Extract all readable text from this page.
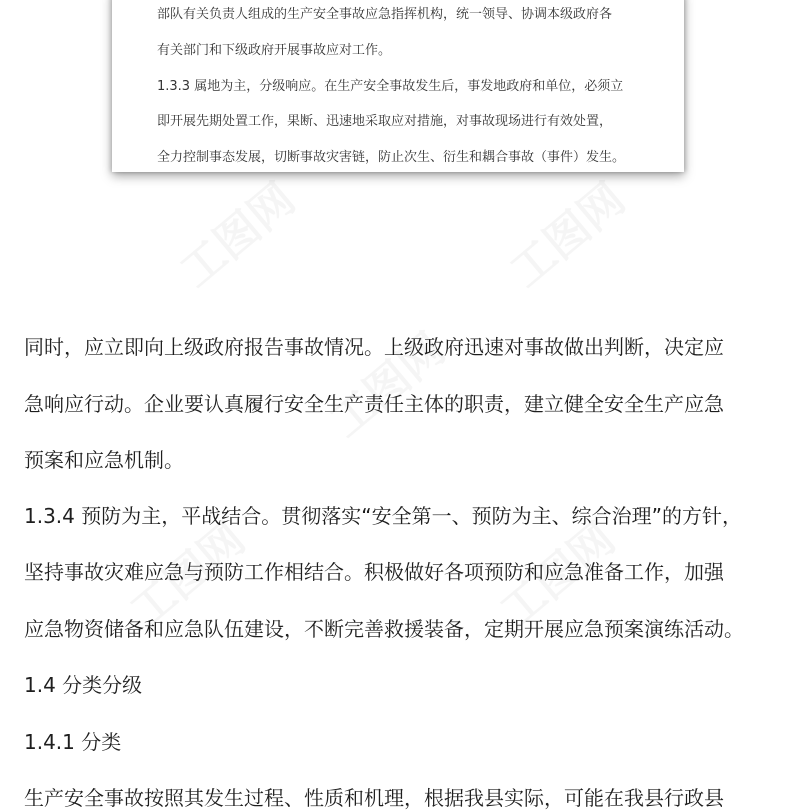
工图网	工图网
工图网
工图网	工图网

部队有关负责人组成的生产安全事故应急指挥机构，统一领导、协调本级政府各

有关部门和下级政府开展事故应对工作。

1.3.3 属地为主，分级响应。在生产安全事故发生后，事发地政府和单位，必须立

即开展先期处置工作，果断、迅速地采取应对措施，对事故现场进行有效处置，

全力控制事态发展，切断事故灾害链，防止次生、衍生和耦合事故（事件）发生。

同时，应立即向上级政府报告事故情况。上级政府迅速对事故做出判断，决定应

急响应行动。企业要认真履行安全生产责任主体的职责，建立健全安全生产应急

预案和应急机制。

1.3.4 预防为主，平战结合。贯彻落实“安全第一、预防为主、综合治理”的方针，

坚持事故灾难应急与预防工作相结合。积极做好各项预防和应急准备工作，加强

应急物资储备和应急队伍建设，不断完善救援装备，定期开展应急预案演练活动。

1.4 分类分级

1.4.1 分类

生产安全事故按照其发生过程、性质和机理，根据我县实际，可能在我县行政县
